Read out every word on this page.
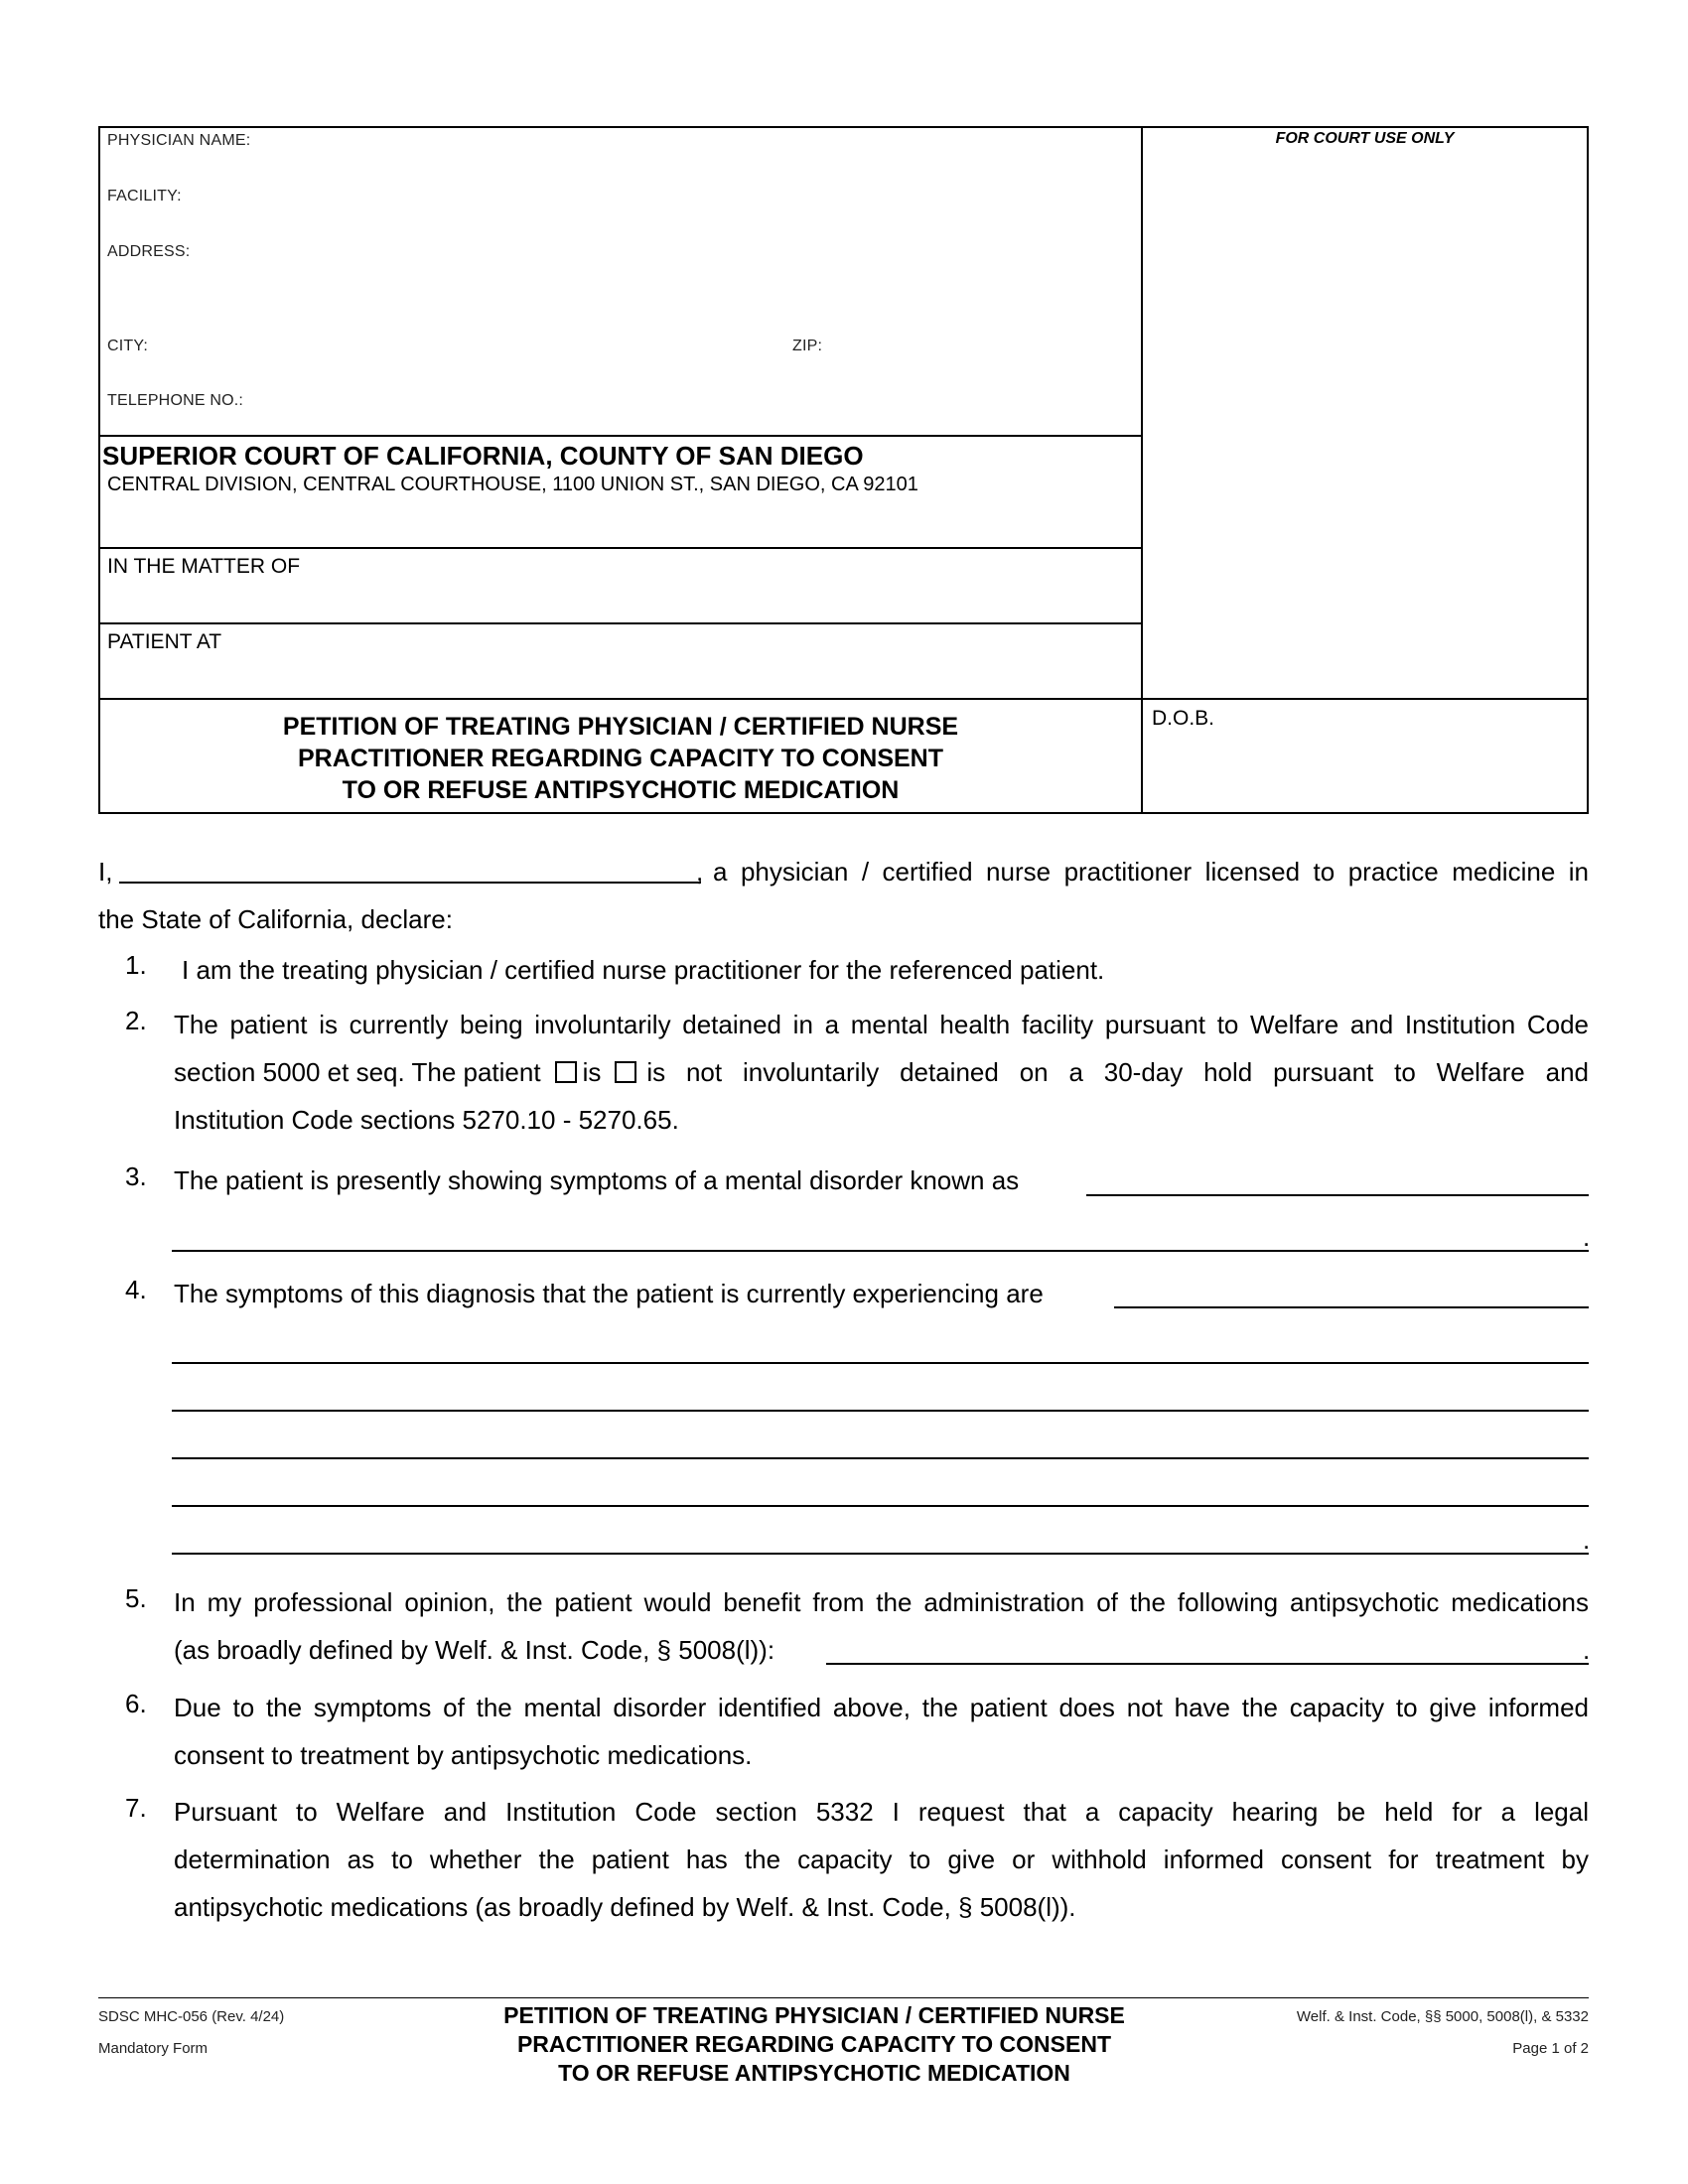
PHYSICIAN NAME:
FACILITY:
ADDRESS:
CITY:	ZIP:
TELEPHONE NO.:
FOR COURT USE ONLY
SUPERIOR COURT OF CALIFORNIA, COUNTY OF SAN DIEGO
CENTRAL DIVISION, CENTRAL COURTHOUSE, 1100 UNION ST., SAN DIEGO, CA 92101
IN THE MATTER OF
PATIENT AT
D.O.B.
PETITION OF TREATING PHYSICIAN / CERTIFIED NURSE
PRACTITIONER REGARDING CAPACITY TO CONSENT
TO OR REFUSE ANTIPSYCHOTIC MEDICATION
I,	, a physician / certified nurse practitioner licensed to practice medicine in
the State of California, declare:
1.	I am the treating physician / certified nurse practitioner for the referenced patient.
2.	The patient is currently being involuntarily detained in a mental health facility pursuant to Welfare and Institution Code
section 5000 et seq. The patient is is not involuntarily detained on a 30-day hold pursuant to Welfare and
Institution Code sections 5270.10 - 5270.65.
3.	The patient is presently showing symptoms of a mental disorder known as
.
4.	The symptoms of this diagnosis that the patient is currently experiencing are
.
5.	In my professional opinion, the patient would benefit from the administration of the following antipsychotic medications
(as broadly defined by Welf. & Inst. Code, § 5008(l)):	.
6.	Due to the symptoms of the mental disorder identified above, the patient does not have the capacity to give informed
consent to treatment by antipsychotic medications.
7.	Pursuant to Welfare and Institution Code section 5332 I request that a capacity hearing be held for a legal
determination as to whether the patient has the capacity to give or withhold informed consent for treatment by
antipsychotic medications (as broadly defined by Welf. & Inst. Code, § 5008(l)).
SDSC MHC-056 (Rev. 4/24)
Mandatory Form
PETITION OF TREATING PHYSICIAN / CERTIFIED NURSE
PRACTITIONER REGARDING CAPACITY TO CONSENT
TO OR REFUSE ANTIPSYCHOTIC MEDICATION
Welf. & Inst. Code, §§ 5000, 5008(l), & 5332
Page 1 of 2
